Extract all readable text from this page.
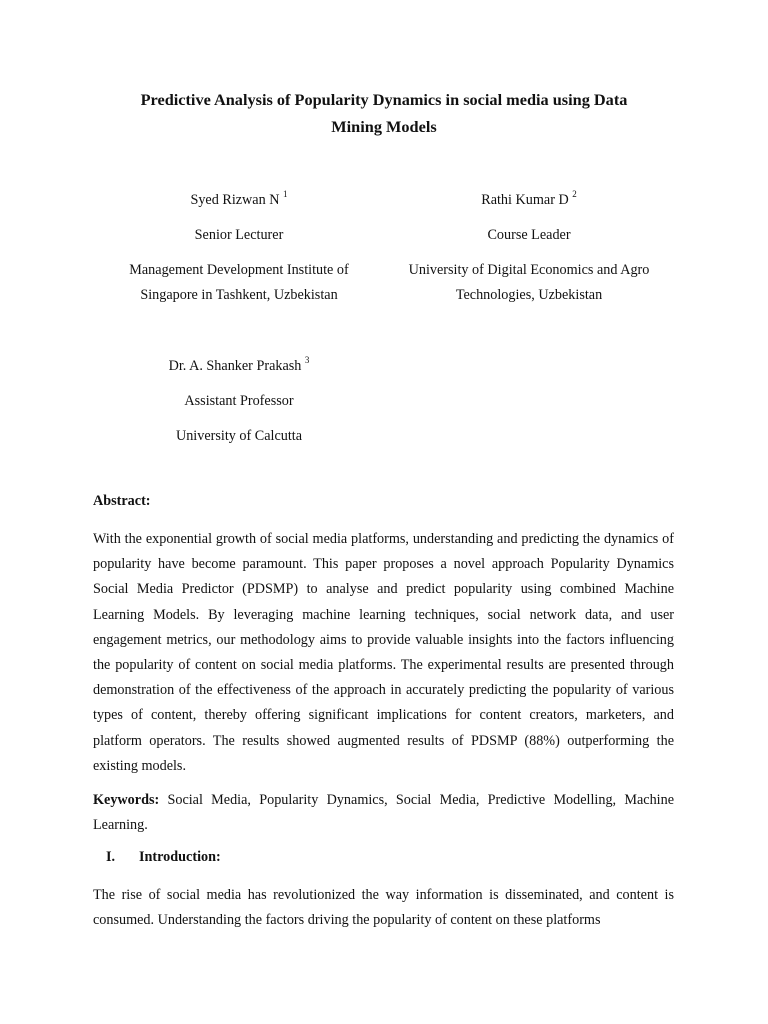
Predictive Analysis of Popularity Dynamics in social media using Data
Mining Models
Syed Rizwan N $^1$
Senior Lecturer
Management Development Institute of
Singapore in Tashkent, Uzbekistan
Rathi Kumar D $^2$
Course Leader
University of Digital Economics and Agro
Technologies, Uzbekistan
Dr. A. Shanker Prakash $^3$
Assistant Professor
University of Calcutta
Abstract:

With the exponential growth of social media platforms, understanding and predicting the dynamics of popularity have become paramount. This paper proposes a novel approach Popularity Dynamics Social Media Predictor (PDSMP) to analyse and predict popularity using combined Machine Learning Models. By leveraging machine learning techniques, social network data, and user engagement metrics, our methodology aims to provide valuable insights into the factors influencing the popularity of content on social media platforms. The experimental results are presented through demonstration of the effectiveness of the approach in accurately predicting the popularity of various types of content, thereby offering significant implications for content creators, marketers, and platform operators. The results showed augmented results of PDSMP (88%) outperforming the existing models.

Keywords: Social Media, Popularity Dynamics, Social Media, Predictive Modelling, Machine Learning.

I. Introduction:

The rise of social media has revolutionized the way information is disseminated, and content is consumed. Understanding the factors driving the popularity of content on these platforms
